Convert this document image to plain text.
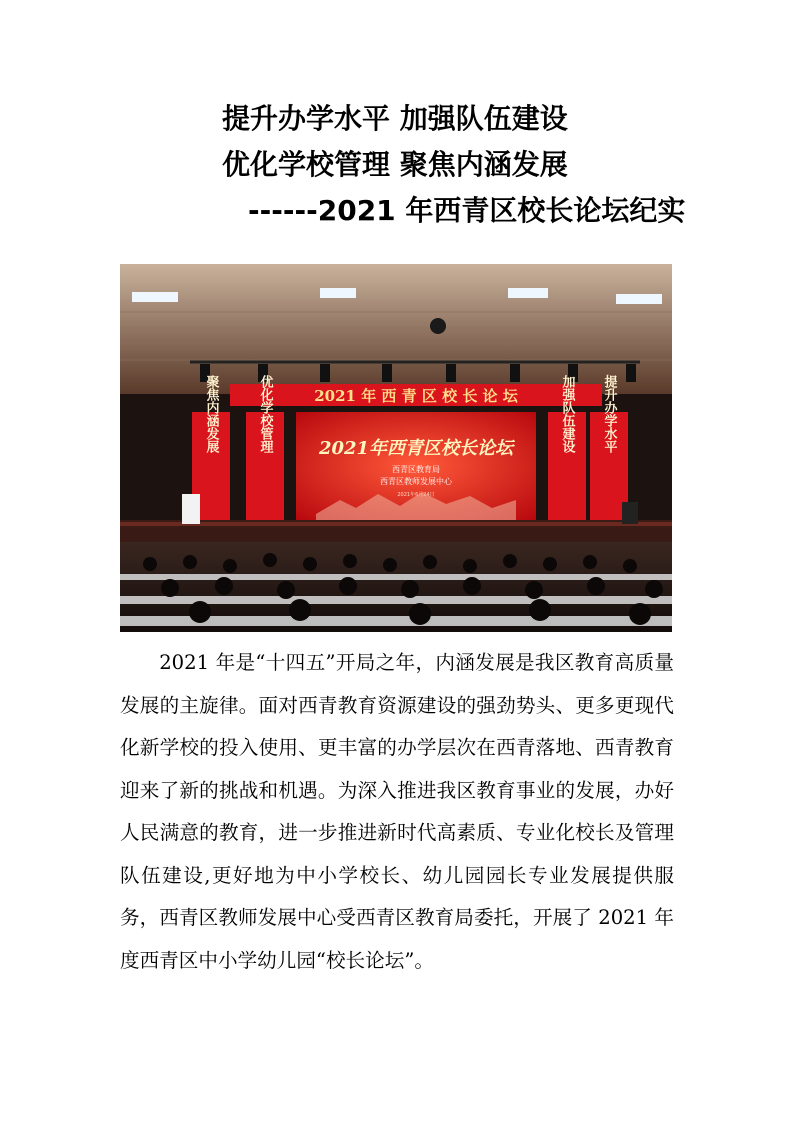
提升办学水平 加强队伍建设
优化学校管理 聚焦内涵发展
------2021 年西青区校长论坛纪实
2021 年 西 青 区 校 长 论 坛
聚焦内涵发展	优化学校管理	加强队伍建设 提升办学水平
2021年西青区校长论坛
西青区教育局
西青区教师发展中心
2021年6月24日
2021 年是“十四五”开局之年，内涵发展是我区教育高质量发展的主旋律。面对西青教育资源建设的强劲势头、更多更现代化新学校的投入使用、更丰富的办学层次在西青落地、西青教育迎来了新的挑战和机遇。为深入推进我区教育事业的发展，办好人民满意的教育，进一步推进新时代高素质、专业化校长及管理队伍建设,更好地为中小学校长、幼儿园园长专业发展提供服务，西青区教师发展中心受西青区教育局委托，开展了 2021 年度西青区中小学幼儿园“校长论坛”。
